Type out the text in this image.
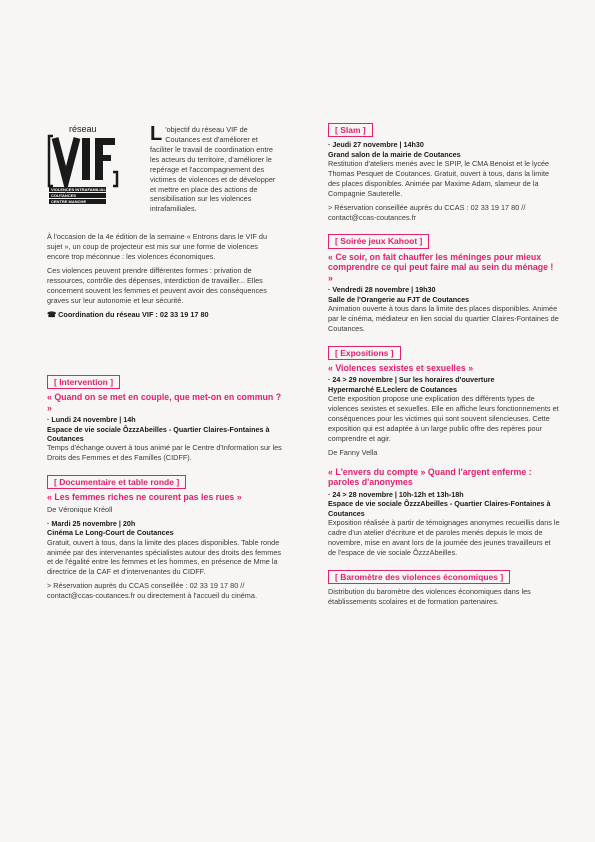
réseau
VIOLENCES INTRAFAMILIALES
COUTANCES
CENTRE MANCHE

L 'objectif du réseau VIF de Coutances est d'améliorer et faciliter le travail de coordination entre les acteurs du territoire, d'améliorer le repérage et l'accompagnement des victimes de violences et de développer et mettre en place des actions de sensibilisation sur les violences intrafamiliales.

À l'occasion de la 4e édition de la semaine « Entrons dans le VIF du sujet », un coup de projecteur est mis sur une forme de violences encore trop méconnue : les violences économiques.

Ces violences peuvent prendre différentes formes : privation de ressources, contrôle des dépenses, interdiction de travailler... Elles concernent souvent les femmes et peuvent avoir des conséquences graves sur leur autonomie et leur sécurité.

☎ Coordination du réseau VIF : 02 33 19 17 80
[ Intervention ]
« Quand on se met en couple, que met-on en commun ? »

· Lundi 24 novembre | 14h

Espace de vie sociale ÔzzzAbeilles - Quartier Claires-Fontaines à Coutances

Temps d'échange ouvert à tous animé par le Centre d'Information sur les Droits des Femmes et des Familles (CIDFF).

[ Documentaire et table ronde ]
« Les femmes riches ne courent pas les rues »

De Véronique Kréoll

· Mardi 25 novembre | 20h

Cinéma Le Long-Court de Coutances

Gratuit, ouvert à tous, dans la limite des places disponibles. Table ronde animée par des intervenantes spécialistes autour des droits des femmes et de l'égalité entre les femmes et les hommes, en présence de Mme la directrice de la CAF et d'intervenantes du CIDFF.

> Réservation auprès du CCAS conseillée : 02 33 19 17 80 // contact@ccas-coutances.fr ou directement à l'accueil du cinéma.

[ Slam ]

· Jeudi 27 novembre | 14h30

Grand salon de la mairie de Coutances

Restitution d'ateliers menés avec le SPIP, le CMA Benoist et le lycée Thomas Pesquet de Coutances. Gratuit, ouvert à tous, dans la limite des places disponibles. Animée par Maxime Adam, slameur de la Compagnie Sauterelle.

> Réservation conseillée auprès du CCAS : 02 33 19 17 80 // contact@ccas-coutances.fr

[ Soirée jeux Kahoot ]
« Ce soir, on fait chauffer les méninges pour mieux comprendre ce qui peut faire mal au sein du ménage ! »

· Vendredi 28 novembre | 19h30

Salle de l'Orangerie au FJT de Coutances

Animation ouverte à tous dans la limite des places disponibles. Animée par le cinéma, médiateur en lien social du quartier Claires-Fontaines de Coutances.

[ Expositions ]
« Violences sexistes et sexuelles »

· 24 > 29 novembre | Sur les horaires d'ouverture

Hypermarché E.Leclerc de Coutances

Cette exposition propose une explication des différents types de violences sexistes et sexuelles. Elle en affiche leurs fonctionnements et conséquences pour les victimes qui sont souvent silencieuses. Cette exposition qui est adaptée à un large public offre des repères pour comprendre et agir.

De Fanny Vella

« L'envers du compte » Quand l'argent enferme : paroles d'anonymes

· 24 > 28 novembre | 10h-12h et 13h-18h

Espace de vie sociale ÔzzzAbeilles - Quartier Claires-Fontaines à Coutances

Exposition réalisée à partir de témoignages anonymes recueillis dans le cadre d'un atelier d'écriture et de paroles menés depuis le mois de novembre, mise en avant lors de la journée des jeunes travailleurs et de l'espace de vie sociale ÔzzzAbeilles.

[ Baromètre des violences économiques ]

Distribution du baromètre des violences économiques dans les établissements scolaires et de formation partenaires.
